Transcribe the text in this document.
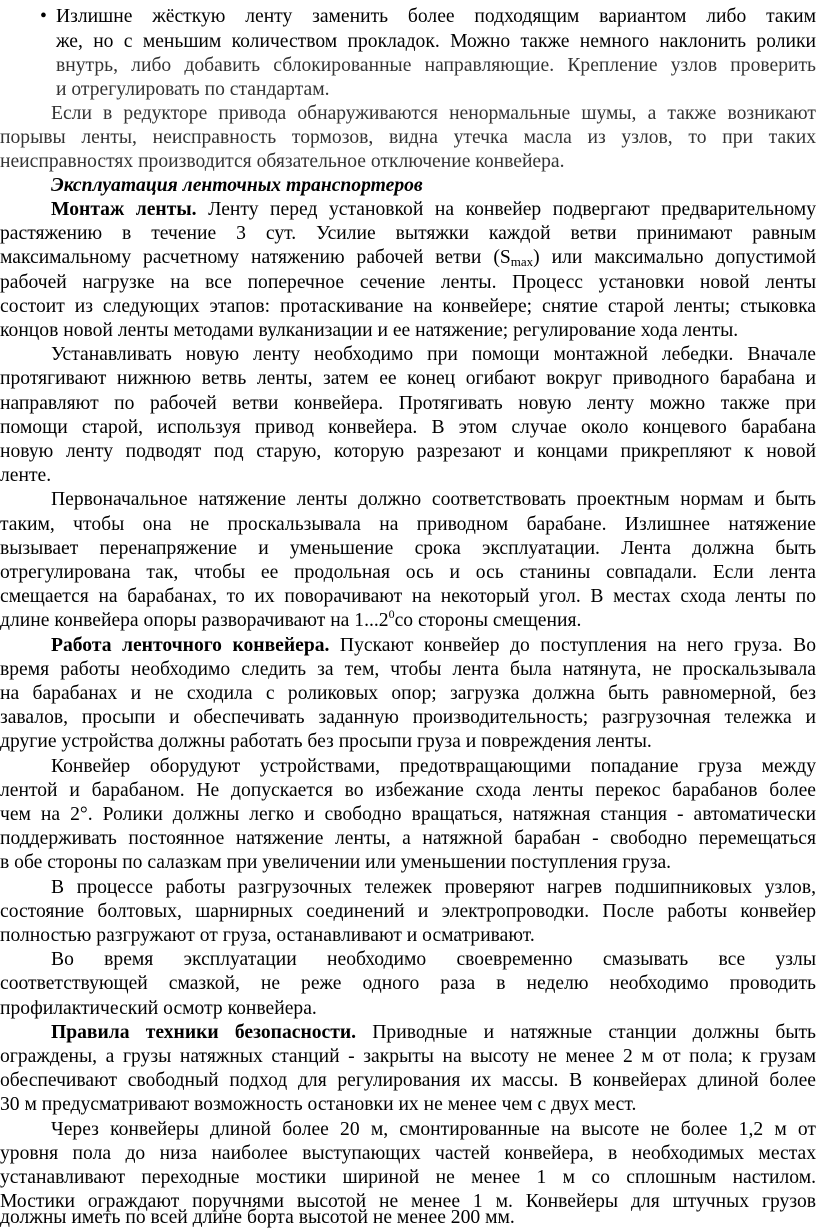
• Излишне жёсткую ленту заменить более подходящим вариантом либо таким
же, но с меньшим количеством прокладок. Можно также немного наклонить ролики
внутрь, либо добавить сблокированные направляющие. Крепление узлов проверить
и отрегулировать по стандартам.
Если в редукторе привода обнаруживаются ненормальные шумы, а также возникают
порывы ленты, неисправность тормозов, видна утечка масла из узлов, то при таких
неисправностях производится обязательное отключение конвейера.
Эксплуатация ленточных транспортеров
Монтаж ленты. Ленту перед установкой на конвейер подвергают предварительному
растяжению в течение 3 сут. Усилие вытяжки каждой ветви принимают равным
максимальному расчетному натяжению рабочей ветви $(S_{max})$ или максимально допустимой
рабочей нагрузке на все поперечное сечение ленты. Процесс установки новой ленты
состоит из следующих этапов: протаскивание на конвейере; снятие старой ленты; стыковка
концов новой ленты методами вулканизации и ее натяжение; регулирование хода ленты.
Устанавливать новую ленту необходимо при помощи монтажной лебедки. Вначале
протягивают нижнюю ветвь ленты, затем ее конец огибают вокруг приводного барабана и
направляют по рабочей ветви конвейера. Протягивать новую ленту можно также при
помощи старой, используя привод конвейера. В этом случае около концевого барабана
новую ленту подводят под старую, которую разрезают и концами прикрепляют к новой
ленте.
Первоначальное натяжение ленты должно соответствовать проектным нормам и быть
таким, чтобы она не проскальзывала на приводном барабане. Излишнее натяжение
вызывает перенапряжение и уменьшение срока эксплуатации. Лента должна быть
отрегулирована так, чтобы ее продольная ось и ось станины совпадали. Если лента
смещается на барабанах, то их поворачивают на некоторый угол. В местах схода ленты по
длине конвейера опоры разворачивают на 1...2$^0$со стороны смещения.
Работа ленточного конвейера. Пускают конвейер до поступления на него груза. Во
время работы необходимо следить за тем, чтобы лента была натянута, не проскальзывала
на барабанах и не сходила с роликовых опор; загрузка должна быть равномерной, без
завалов, просыпи и обеспечивать заданную производительность; разгрузочная тележка и
другие устройства должны работать без просыпи груза и повреждения ленты.
Конвейер оборудуют устройствами, предотвращающими попадание груза между
лентой и барабаном. Не допускается во избежание схода ленты перекос барабанов более
чем на 2°. Ролики должны легко и свободно вращаться, натяжная станция - автоматически
поддерживать постоянное натяжение ленты, а натяжной барабан - свободно перемещаться
в обе стороны по салазкам при увеличении или уменьшении поступления груза.
В процессе работы разгрузочных тележек проверяют нагрев подшипниковых узлов,
состояние болтовых, шарнирных соединений и электропроводки. После работы конвейер
полностью разгружают от груза, останавливают и осматривают.
Во время эксплуатации необходимо своевременно смазывать все узлы
соответствующей смазкой, не реже одного раза в неделю необходимо проводить
профилактический осмотр конвейера.
Правила техники безопасности. Приводные и натяжные станции должны быть
ограждены, а грузы натяжных станций - закрыты на высоту не менее 2 м от пола; к грузам
обеспечивают свободный подход для регулирования их массы. В конвейерах длиной более
30 м предусматривают возможность остановки их не менее чем с двух мест.
Через конвейеры длиной более 20 м, смонтированные на высоте не более 1,2 м от
уровня пола до низа наиболее выступающих частей конвейера, в необходимых местах
устанавливают переходные мостики шириной не менее 1 м со сплошным настилом.
Мостики ограждают поручнями высотой не менее 1 м. Конвейеры для штучных грузов
должны иметь по всей длине борта высотой не менее 200 мм.
